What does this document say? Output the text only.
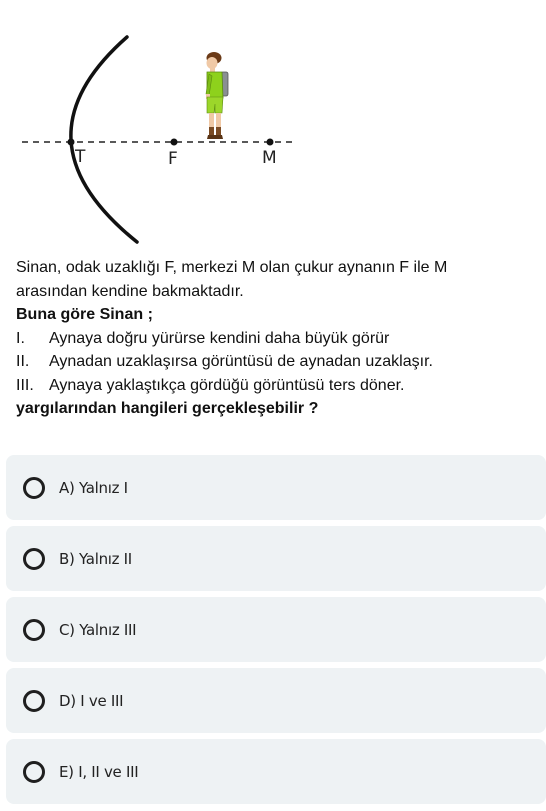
T	F	M

Sinan, odak uzaklığı F, merkezi M olan çukur aynanın F ile M

arasından kendine bakmaktadır.

Buna göre Sinan ;

I.	Aynaya doğru yürürse kendini daha büyük görür
II.	Aynadan uzaklaşırsa görüntüsü de aynadan uzaklaşır.
III. Aynaya yaklaştıkça gördüğü görüntüsü ters döner.

yargılarından hangileri gerçekleşebilir ?

A) Yalnız I
B) Yalnız II
C) Yalnız III
D) I ve III
E) I, II ve III
